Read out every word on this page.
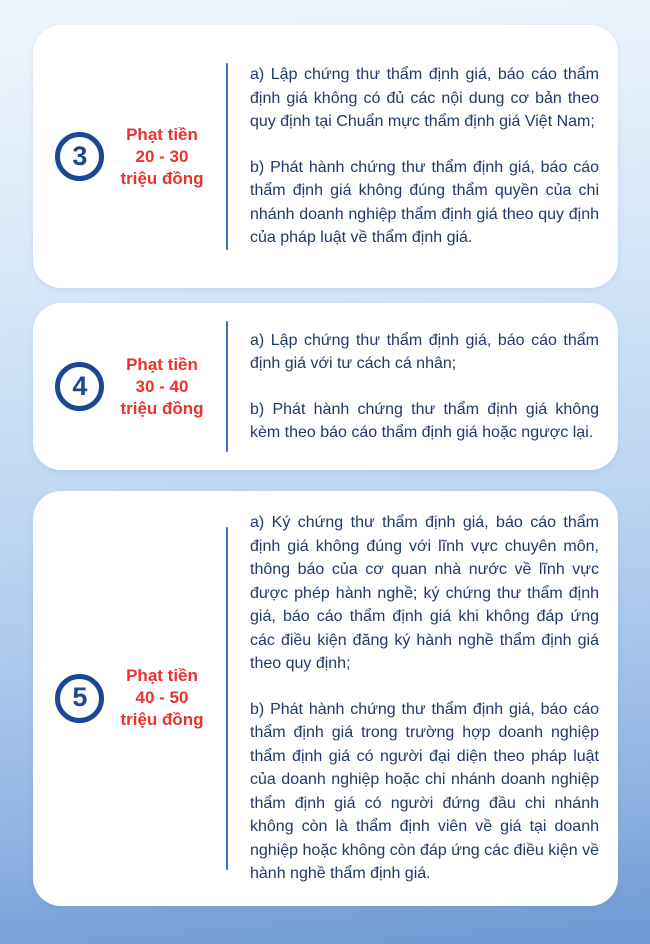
3
Phạt tiền
20 - 30
triệu đồng

a) Lập chứng thư thẩm định giá, báo cáo thẩm định giá không có đủ các nội dung cơ bản theo quy định tại Chuẩn mực thẩm định giá Việt Nam;

b) Phát hành chứng thư thẩm định giá, báo cáo thẩm định giá không đúng thẩm quyền của chi nhánh doanh nghiệp thẩm định giá theo quy định của pháp luật về thẩm định giá.

4
Phạt tiền
30 - 40
triệu đồng

a) Lập chứng thư thẩm định giá, báo cáo thẩm định giá với tư cách cá nhân;

b) Phát hành chứng thư thẩm định giá không kèm theo báo cáo thẩm định giá hoặc ngược lại.

5
Phạt tiền
40 - 50
triệu đồng

a) Ký chứng thư thẩm định giá, báo cáo thẩm định giá không đúng với lĩnh vực chuyên môn, thông báo của cơ quan nhà nước về lĩnh vực được phép hành nghề; ký chứng thư thẩm định giá, báo cáo thẩm định giá khi không đáp ứng các điều kiện đăng ký hành nghề thẩm định giá theo quy định;

b) Phát hành chứng thư thẩm định giá, báo cáo thẩm định giá trong trường hợp doanh nghiệp thẩm định giá có người đại diện theo pháp luật của doanh nghiệp hoặc chi nhánh doanh nghiệp thẩm định giá có người đứng đầu chi nhánh không còn là thẩm định viên về giá tại doanh nghiệp hoặc không còn đáp ứng các điều kiện về hành nghề thẩm định giá.
